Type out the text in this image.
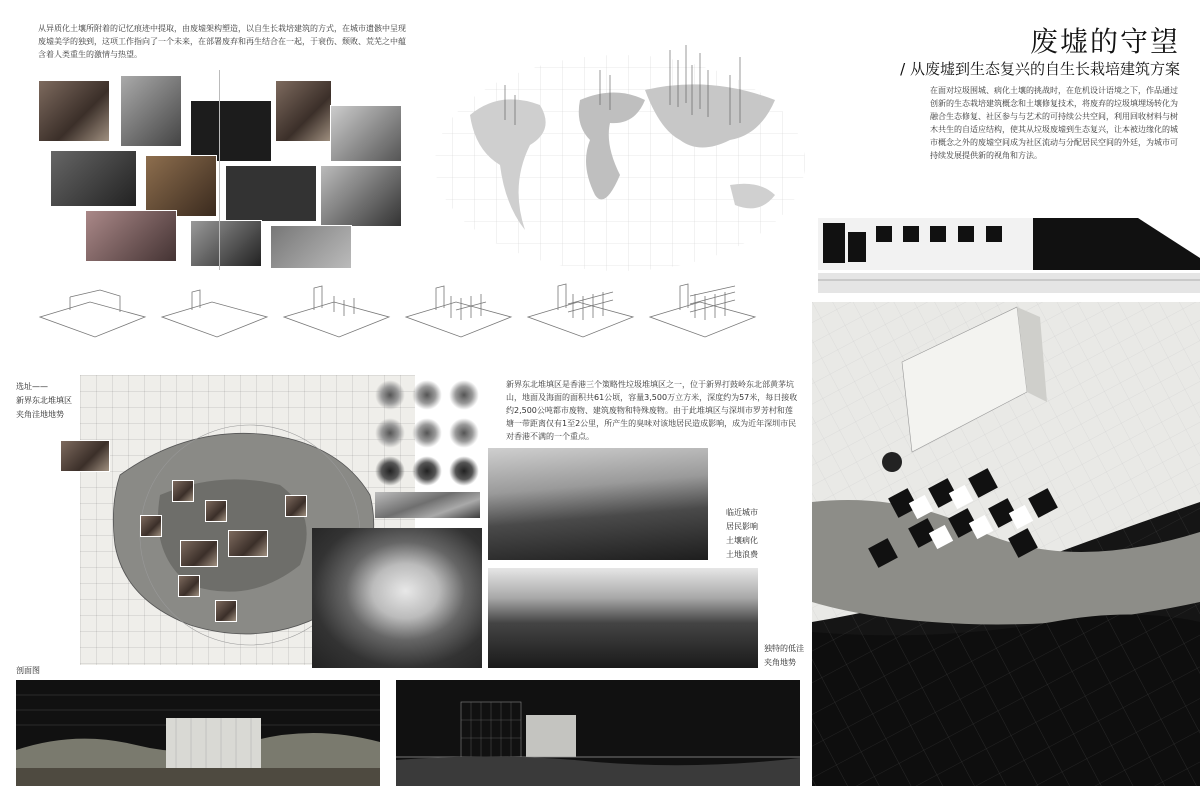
从异质化土壤所附着的记忆痕迹中提取，由废墟架构塑造，以自生长栽培建筑的方式，在城市遗骸中呈现废墟美学的独到，这项工作指向了一个未来，在部署废弃和再生结合在一起，于衰伤、颓败、荒芜之中蕴含着人类重生的激情与热望。	废墟的守望
/ 从废墟到生态复兴的自生长栽培建筑方案
在面对垃圾围城、病化土壤的挑战时，在危机设计语境之下，作品通过创新的生态栽培建筑概念和土壤修复技术，将废弃的垃圾填埋场转化为融合生态修复、社区参与与艺术的可持续公共空间，利用回收材料与树木共生的自适应结构，使其从垃圾废墟到生态复兴，让本被边缘化的城市概念之外的废墟空间成为社区流动与分配居民空间的外廷，为城市可持续发展提供新的视角和方法。
选址——
新界东北堆填区
夹角洼地地势
新界东北堆填区是香港三个策略性垃圾堆填区之一，位于新界打鼓岭东北部黄茅坑山，地面及海面的面积共61公顷，容量3,500万立方米，深度约为57米，每日接收约2,500公吨都市废物、建筑废物和特殊废物。由于此堆填区与深圳市罗芳村和莲塘一带距离仅有1至2公里，所产生的臭味对该地居民造成影响，成为近年深圳市民对香港不满的一个重点。
临近城市
居民影响
土壤病化
土地浪费
独特的低洼
夹角地势
剖面图
